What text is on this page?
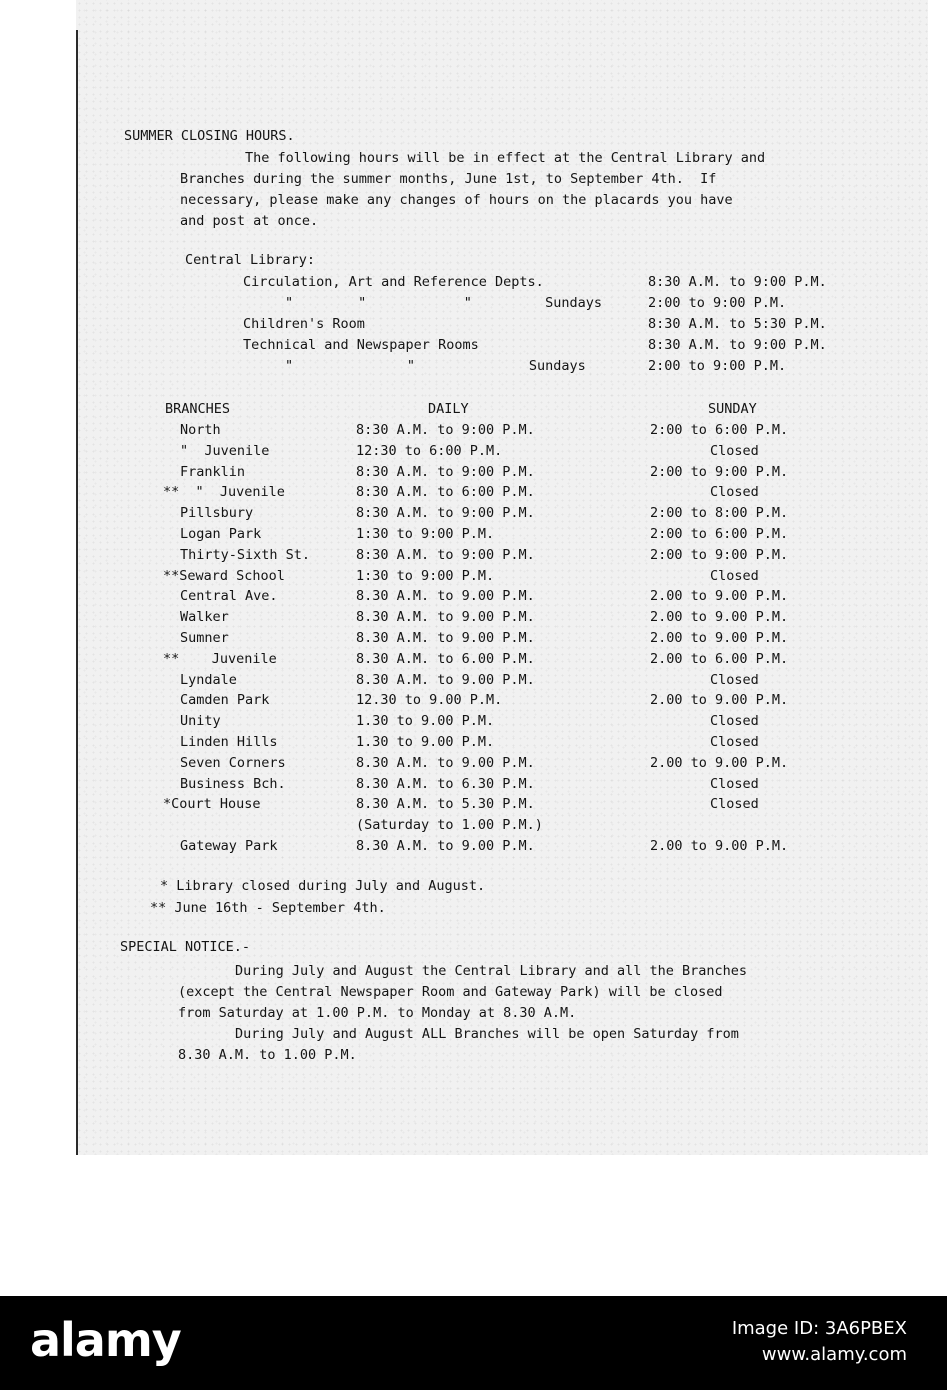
SUMMER CLOSING HOURS.
The following hours will be in effect at the Central Library and
Branches during the summer months, June 1st, to September 4th.  If
necessary, please make any changes of hours on the placards you have
and post at once.
Central Library:
Circulation, Art and Reference Depts.	8:30 A.M. to 9:00 P.M.
"        "            "         Sundays	2:00 to 9:00 P.M.
Children's Room	8:30 A.M. to 5:30 P.M.
Technical and Newspaper Rooms	8:30 A.M. to 9:00 P.M.
"              "              Sundays	2:00 to 9:00 P.M.
BRANCHES	DAILY	SUNDAY
North	8:30 A.M. to 9:00 P.M.	2:00 to 6:00 P.M.
"  Juvenile	12:30 to 6:00 P.M.	Closed
Franklin	8:30 A.M. to 9:00 P.M.	2:00 to 9:00 P.M.
**  "  Juvenile	8:30 A.M. to 6:00 P.M.	Closed
Pillsbury	8:30 A.M. to 9:00 P.M.	2:00 to 8:00 P.M.
Logan Park	1:30 to 9:00 P.M.	2:00 to 6:00 P.M.
Thirty-Sixth St.	8:30 A.M. to 9:00 P.M.	2:00 to 9:00 P.M.
**Seward School	1:30 to 9:00 P.M.	Closed
Central Ave.	8.30 A.M. to 9.00 P.M.	2.00 to 9.00 P.M.
Walker	8.30 A.M. to 9.00 P.M.	2.00 to 9.00 P.M.
Sumner	8.30 A.M. to 9.00 P.M.	2.00 to 9.00 P.M.
**    Juvenile	8.30 A.M. to 6.00 P.M.	2.00 to 6.00 P.M.
Lyndale	8.30 A.M. to 9.00 P.M.	Closed
Camden Park	12.30 to 9.00 P.M.	2.00 to 9.00 P.M.
Unity	1.30 to 9.00 P.M.	Closed
Linden Hills	1.30 to 9.00 P.M.	Closed
Seven Corners	8.30 A.M. to 9.00 P.M.	2.00 to 9.00 P.M.
Business Bch.	8.30 A.M. to 6.30 P.M.	Closed
*Court House	8.30 A.M. to 5.30 P.M.	Closed
(Saturday to 1.00 P.M.)
Gateway Park	8.30 A.M. to 9.00 P.M.	2.00 to 9.00 P.M.
* Library closed during July and August.
** June 16th - September 4th.
SPECIAL NOTICE.-
During July and August the Central Library and all the Branches
(except the Central Newspaper Room and Gateway Park) will be closed
from Saturday at 1.00 P.M. to Monday at 8.30 A.M.
During July and August ALL Branches will be open Saturday from
8.30 A.M. to 1.00 P.M.
alamy	Image ID: 3A6PBEX
www.alamy.com
